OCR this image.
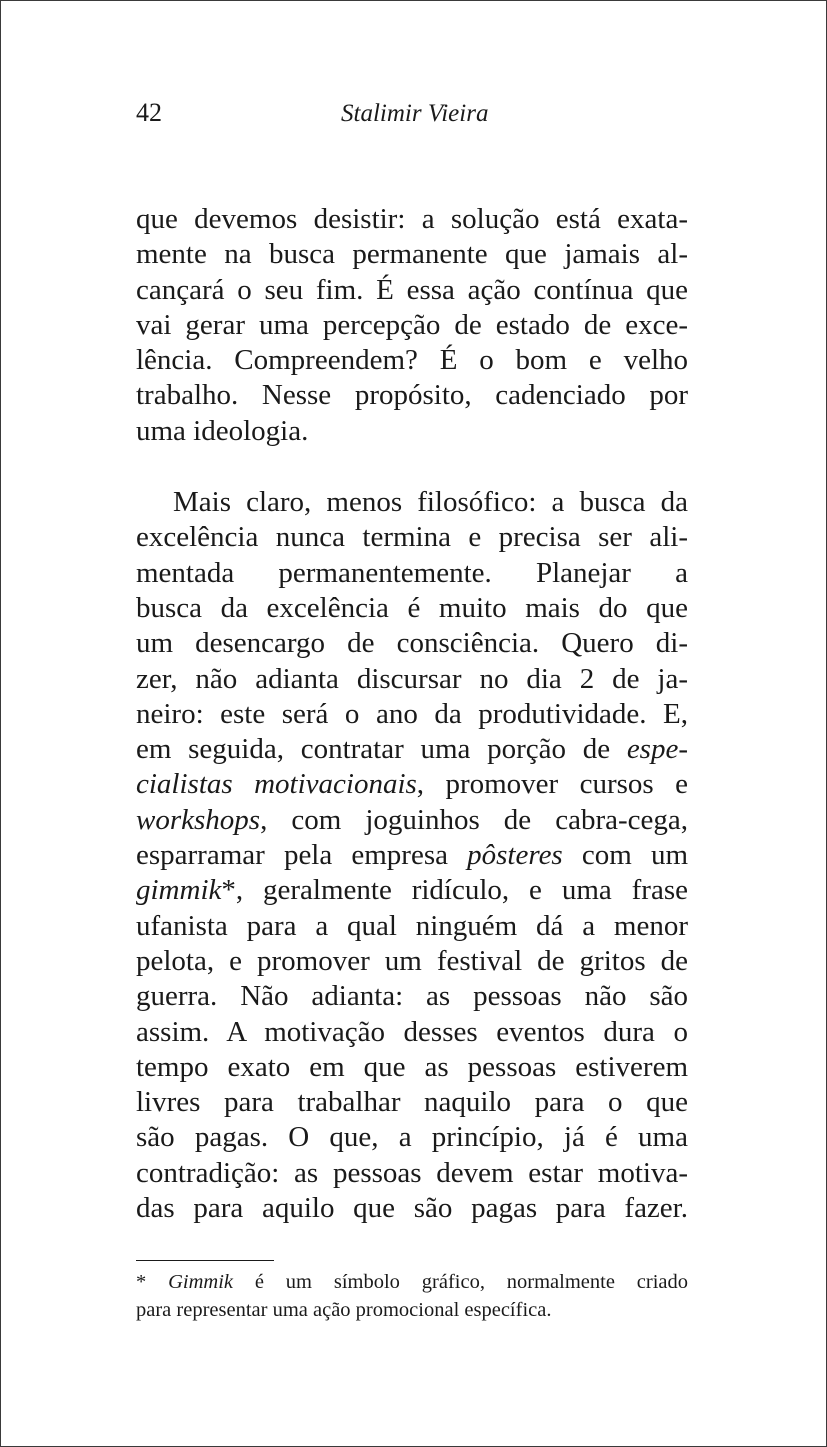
42	Stalimir Vieira
que devemos desistir: a solução está exata-
mente na busca permanente que jamais al-
cançará o seu fim. É essa ação contínua que
vai gerar uma percepção de estado de exce-
lência. Compreendem? É o bom e velho
trabalho. Nesse propósito, cadenciado por
uma ideologia.
Mais claro, menos filosófico: a busca da
excelência nunca termina e precisa ser ali-
mentada permanentemente. Planejar a
busca da excelência é muito mais do que
um desencargo de consciência. Quero di-
zer, não adianta discursar no dia 2 de ja-
neiro: este será o ano da produtividade. E,
em seguida, contratar uma porção de espe-
cialistas motivacionais, promover cursos e
workshops, com joguinhos de cabra-cega,
esparramar pela empresa pôsteres com um
gimmik*, geralmente ridículo, e uma frase
ufanista para a qual ninguém dá a menor
pelota, e promover um festival de gritos de
guerra. Não adianta: as pessoas não são
assim. A motivação desses eventos dura o
tempo exato em que as pessoas estiverem
livres para trabalhar naquilo para o que
são pagas. O que, a princípio, já é uma
contradição: as pessoas devem estar motiva-
das para aquilo que são pagas para fazer.
* Gimmik é um símbolo gráfico, normalmente criado
para representar uma ação promocional específica.
